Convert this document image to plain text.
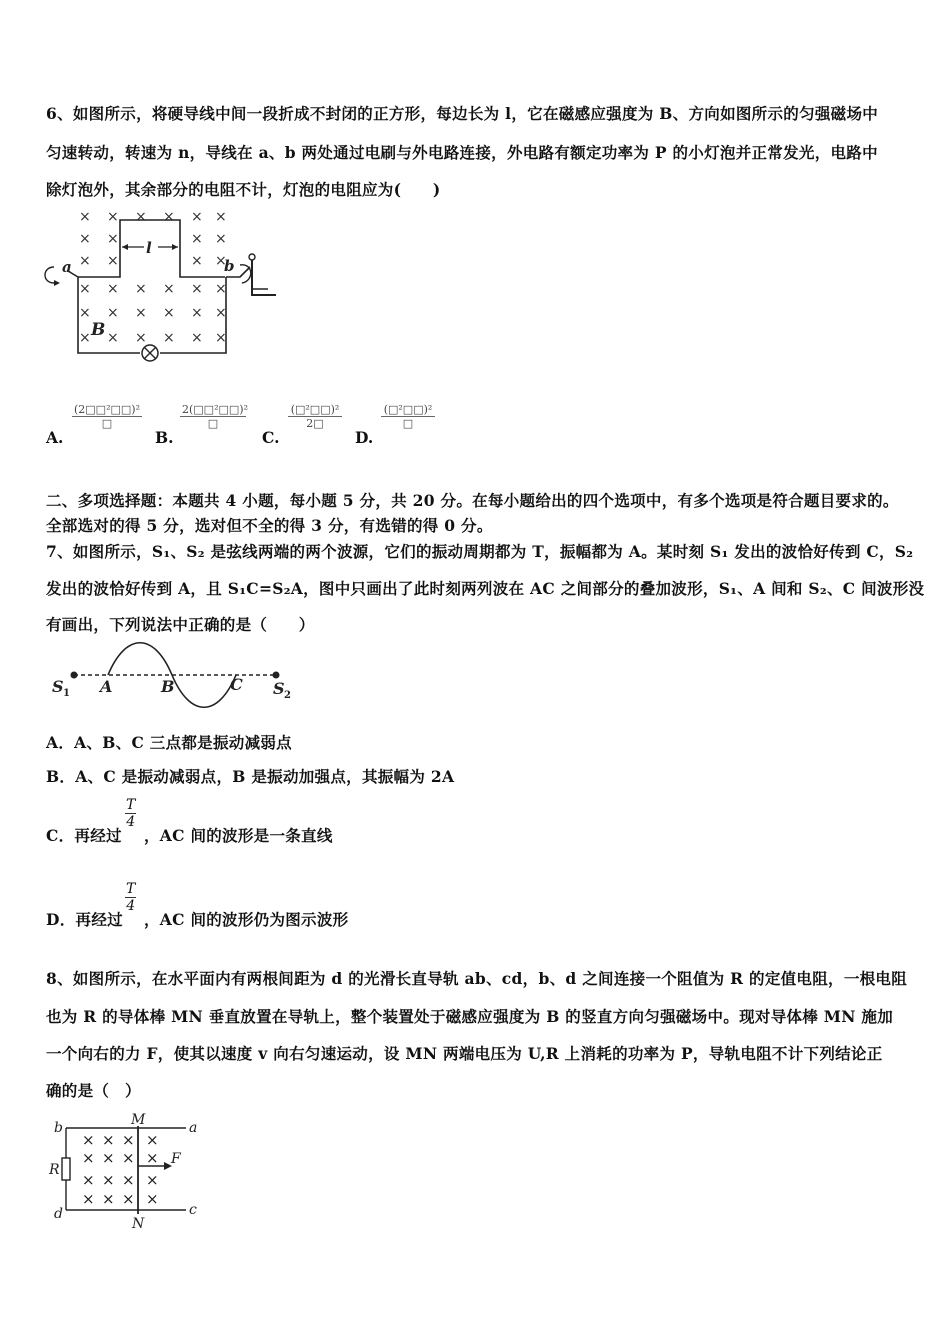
6、如图所示，将硬导线中间一段折成不封闭的正方形，每边长为 l，它在磁感应强度为 B、方向如图所示的匀强磁场中
匀速转动，转速为 n，导线在 a、b 两处通过电刷与外电路连接，外电路有额定功率为 P 的小灯泡并正常发光，电路中
除灯泡外，其余部分的电阻不计，灯泡的电阻应为(　　)
× × × × × ×
× ×	× ×
× ×	× ×
× × × × × ×
× × × × × ×
× × × × × ×
l
a	b
B
A.
(2□□²□□)²
□
B.
2(□□²□□)²
□
C.
(□²□□)²
2□
D.
(□²□□)²
□
二、多项选择题：本题共 4 小题，每小题 5 分，共 20 分。在每小题给出的四个选项中，有多个选项是符合题目要求的。
全部选对的得 5 分，选对但不全的得 3 分，有选错的得 0 分。
7、如图所示，S₁、S₂ 是弦线两端的两个波源，它们的振动周期都为 T，振幅都为 A。某时刻 S₁ 发出的波恰好传到 C，S₂
发出的波恰好传到 A，且 S₁C=S₂A，图中只画出了此时刻两列波在 AC 之间部分的叠加波形，S₁、A 间和 S₂、C 间波形没
有画出，下列说法中正确的是（　　）
S 1 A	B	C S 2
A．A、B、C 三点都是振动减弱点
B．A、C 是振动减弱点，B 是振动加强点，其振幅为 2A
C．再经过
T
4
，AC 间的波形是一条直线
D．再经过
T
4
，AC 间的波形仍为图示波形
8、如图所示，在水平面内有两根间距为 d 的光滑长直导轨 ab、cd，b、d 之间连接一个阻值为 R 的定值电阻，一根电阻
也为 R 的导体棒 MN 垂直放置在导轨上，整个装置处于磁感应强度为 B 的竖直方向匀强磁场中。现对导体棒 MN 施加
一个向右的力 F，使其以速度 v 向右匀速运动，设 MN 两端电压为 U,R 上消耗的功率为 P，导轨电阻不计下列结论正
确的是（　）
× × × ×
× × × ×
× × × ×
× × × ×
b	M	a
R
F
d
N
c
